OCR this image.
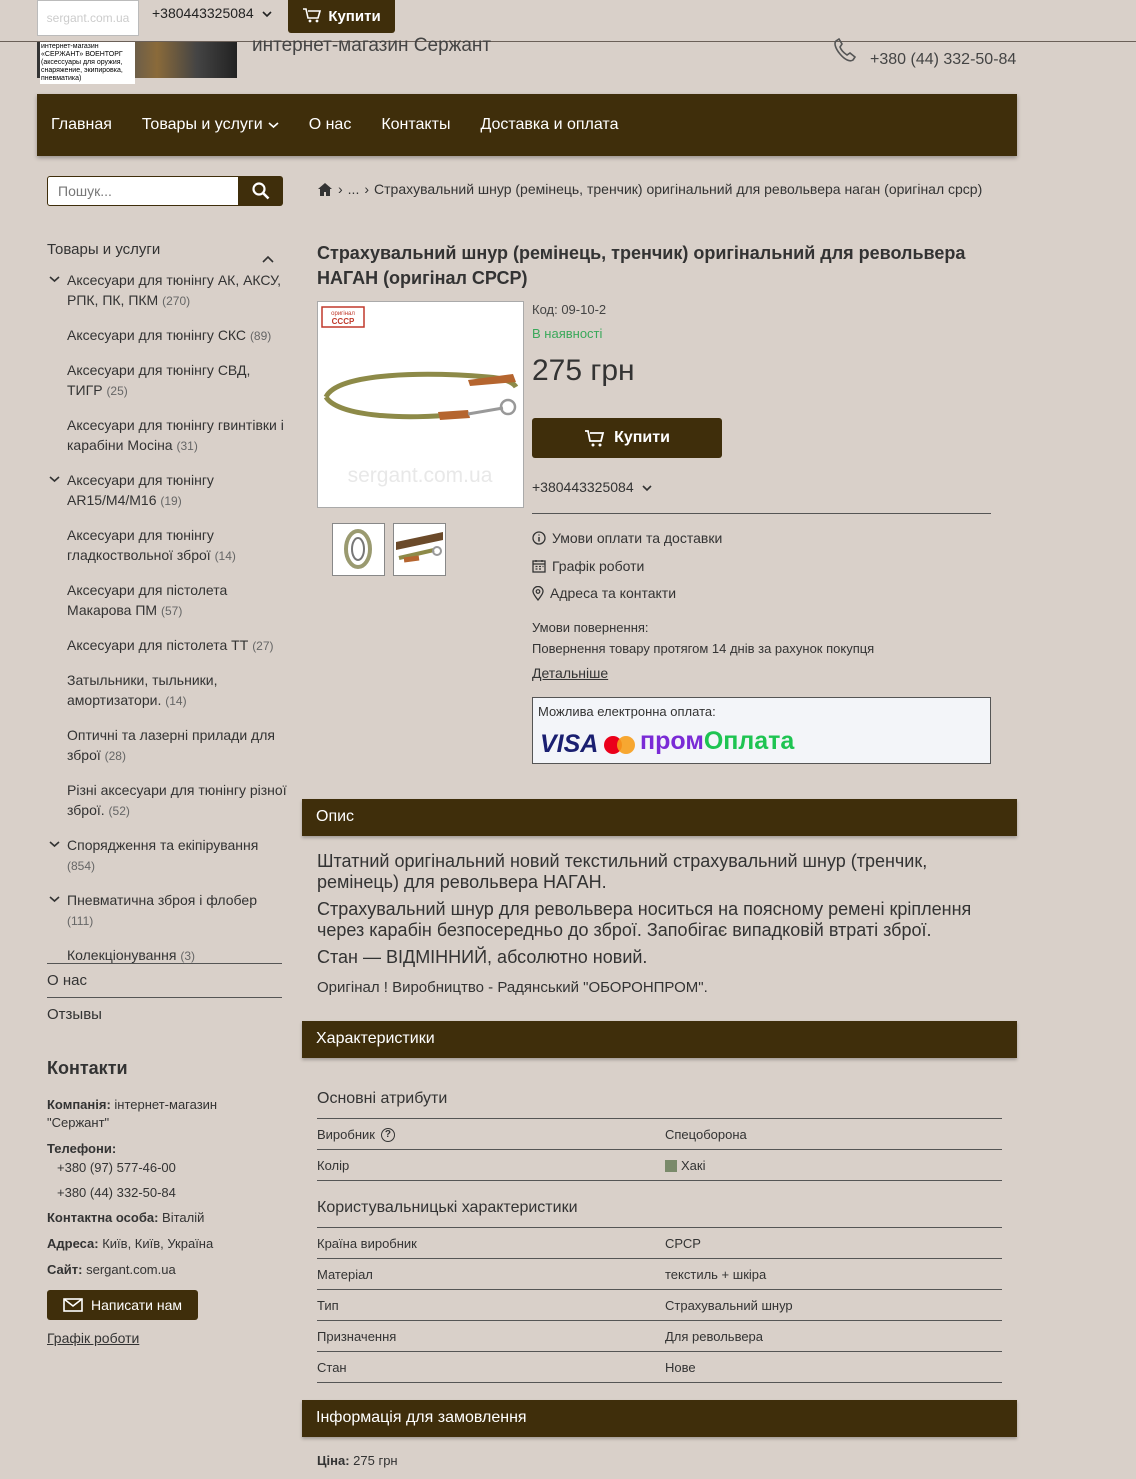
sergant.com.ua	+380443325084	Купити
интернет-магазин «СЕРЖАНТ» ВОЕНТОРГ (аксессуары для оружия, снаряжение, экипировка, пневматика)
интернет-магазин Сержант
+380 (44) 332-50-84
Главная Товары и услуги	О нас Контакты Доставка и оплата
Пошук...
Товары и услуги
Аксесуари для тюнінгу АК, АКСУ, РПК, ПК, ПКМ (270)
Аксесуари для тюнінгу СКС (89)
Аксесуари для тюнінгу СВД, ТИГР (25)
Аксесуари для тюнінгу гвинтівки і карабіни Мосіна (31)
Аксесуари для тюнінгу AR15/M4/M16 (19)
Аксесуари для тюнінгу гладкоствольної зброї (14)
Аксесуари для пістолета Макарова ПМ (57)
Аксесуари для пістолета ТТ (27)
Затыльники, тыльники, амортизатори. (14)
Оптичні та лазерні прилади для зброї (28)
Різні аксесуари для тюнінгу різної зброї. (52)
Спорядження та екіпірування (854)
Пневматична зброя і флобер (111)
Колекціонування (3)
О нас
Отзывы
Контакти
Компанія: інтернет-магазин "Сержант"
Телефони:
+380 (97) 577-46-00
+380 (44) 332-50-84
Контактна особа: Віталій
Адреса: Київ, Київ, Україна
Сайт: sergant.com.ua
Написати нам
Графік роботи
› ... › Страхувальний шнур (ремінець, тренчик) оригінальний для револьвера наган (оригінал срср)
Страхувальний шнур (ремінець, тренчик) оригінальний для револьвера НАГАН (оригінал СРСР)
оригінал
СССР
sergant.com.ua
Код: 09-10-2
В наявності
275 грн
Купити
+380443325084
Умови оплати та доставки
Графік роботи
Адреса та контакти
Умови повернення:
Повернення товару протягом 14 днів за рахунок покупця
Детальніше
Можлива електронна оплата:
VISA промОплата
Опис
Штатний оригінальний новий текстильний страхувальний шнур (тренчик, ремінець) для револьвера НАГАН.
Страхувальний шнур для револьвера носиться на поясному ремені кріплення через карабін безпосередньо до зброї. Запобігає випадковій втраті зброї.
Стан — ВІДМІННИЙ, абсолютно новий.
Оригінал ! Виробництво - Радянський "ОБОРОНПРОМ".
Характеристики
Основні атрибути
Виробник ?	Спецоборона
Колір	Хакі
Користувальницькі характеристики
Країна виробник	СРСР
Матеріал	текстиль + шкіра
Тип	Страхувальний шнур
Призначення	Для револьвера
Стан	Нове
Інформація для замовлення
Ціна: 275 грн
